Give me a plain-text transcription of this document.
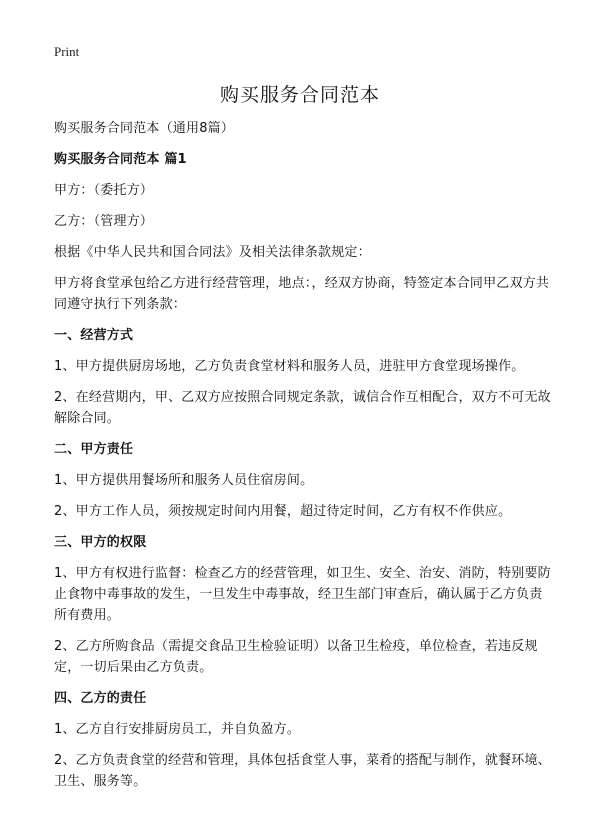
Print
购买服务合同范本

购买服务合同范本（通用8篇）

购买服务合同范本 篇1

甲方：（委托方）

乙方：（管理方）

根据《中华人民共和国合同法》及相关法律条款规定：

甲方将食堂承包给乙方进行经营管理，地点：，经双方协商，特签定本合同甲乙双方共同遵守执行下列条款：

一、经营方式

1、甲方提供厨房场地，乙方负责食堂材料和服务人员，进驻甲方食堂现场操作。

2、在经营期内，甲、乙双方应按照合同规定条款，诚信合作互相配合，双方不可无故解除合同。

二、甲方责任

1、甲方提供用餐场所和服务人员住宿房间。

2、甲方工作人员，须按规定时间内用餐，超过待定时间，乙方有权不作供应。

三、甲方的权限

1、甲方有权进行监督：检查乙方的经营管理，如卫生、安全、治安、消防，特别要防止食物中毒事故的发生，一旦发生中毒事故，经卫生部门审查后，确认属于乙方负责所有费用。

2、乙方所购食品（需提交食品卫生检验证明）以备卫生检疫，单位检查，若违反规定，一切后果由乙方负责。

四、乙方的责任

1、乙方自行安排厨房员工，并自负盈方。

2、乙方负责食堂的经营和管理，具体包括食堂人事，菜肴的搭配与制作，就餐环境、卫生、服务等。
